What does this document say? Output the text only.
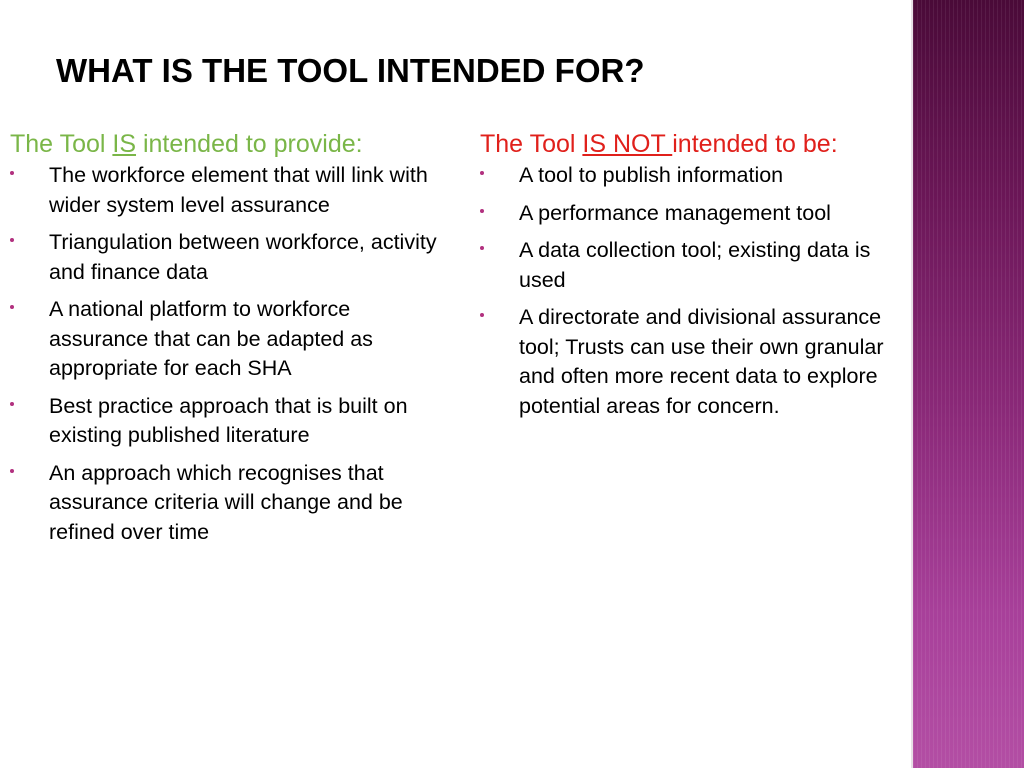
WHAT IS THE TOOL INTENDED FOR?

The Tool IS intended to provide:

The workforce element that will link with wider system level assurance
Triangulation between workforce, activity and finance data
A national platform to workforce assurance that can be adapted as appropriate for each SHA
Best practice approach that is built on existing published literature
An approach which recognises that assurance criteria will change and be refined over time

The Tool IS NOT intended to be:

A tool to publish information
A performance management tool
A data collection tool; existing data is used
A directorate and divisional assurance tool; Trusts can use their own granular and often more recent data to explore potential areas for concern.
